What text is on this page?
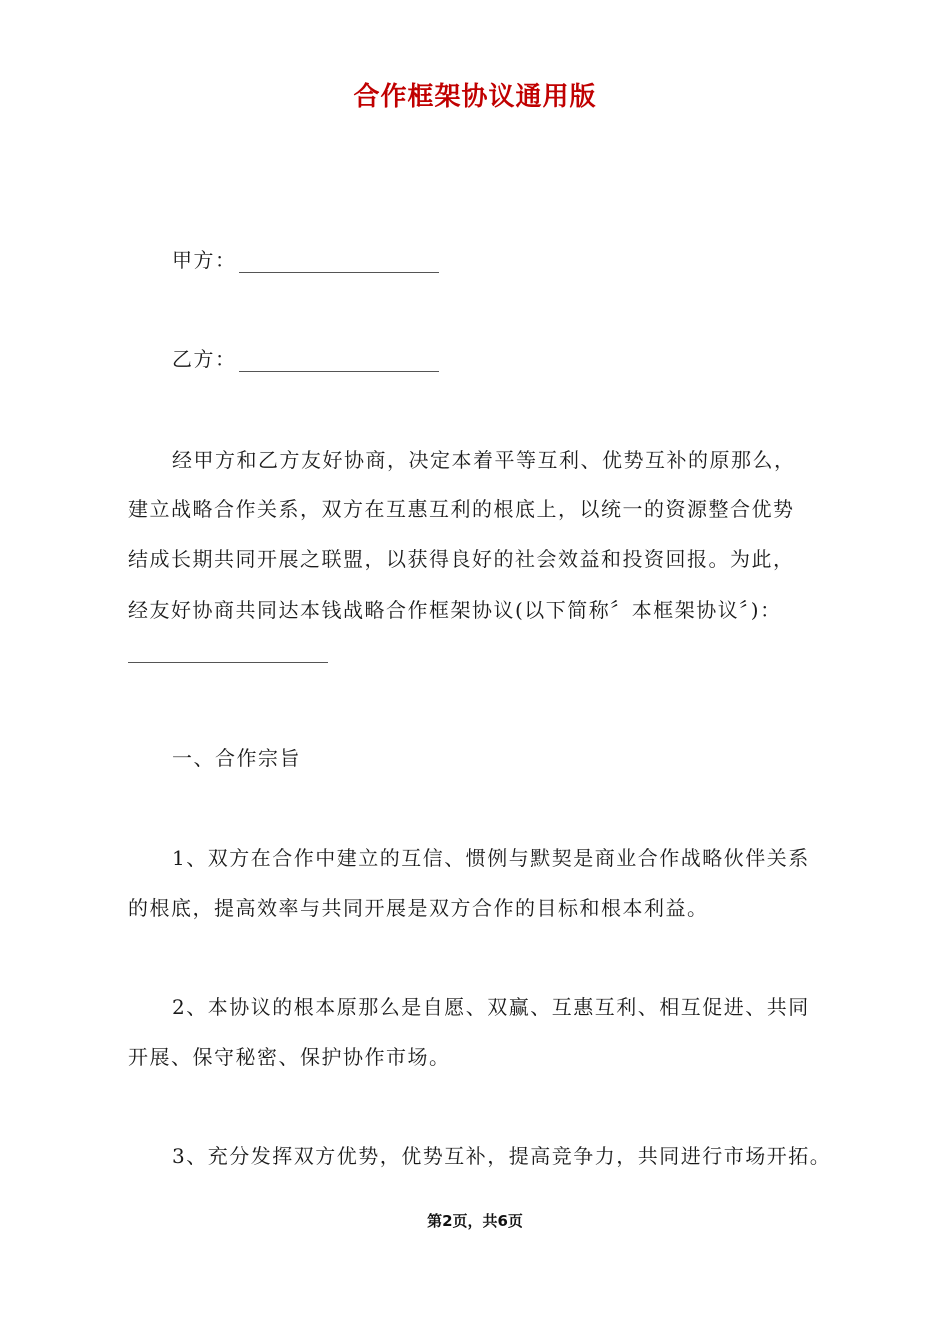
合作框架协议通用版
甲方：
乙方：
经甲方和乙方友好协商，决定本着平等互利、优势互补的原那么，
建立战略合作关系，双方在互惠互利的根底上，以统一的资源整合优势
结成长期共同开展之联盟，以获得良好的社会效益和投资回报。为此，
经友好协商共同达本钱战略合作框架协议(以下简称〞本框架协议〞)：
一、合作宗旨
1、双方在合作中建立的互信、惯例与默契是商业合作战略伙伴关系
的根底，提高效率与共同开展是双方合作的目标和根本利益。
2、本协议的根本原那么是自愿、双赢、互惠互利、相互促进、共同
开展、保守秘密、保护协作市场。
3、充分发挥双方优势，优势互补，提高竞争力，共同进行市场开拓。
第2页，共6页
